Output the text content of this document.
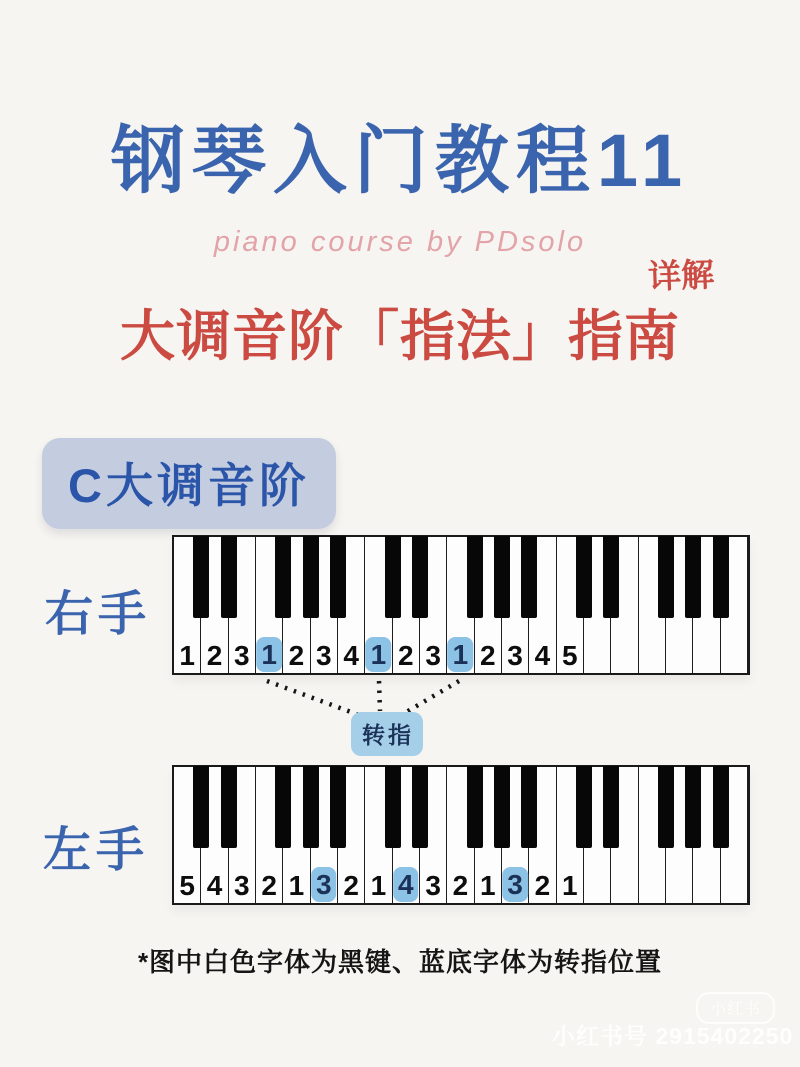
钢琴入门教程11
piano course by PDsolo
详解
大调音阶「指法」指南
C大调音阶
右手
1 2 3 1 2 3 4 1 2 3 1 2 3 4 5
转指
左手
5 4 3 2 1 3 2 1 4 3 2 1 3 2 1
*图中白色字体为黑键、蓝底字体为转指位置
小红书
小红书号 2915402250
